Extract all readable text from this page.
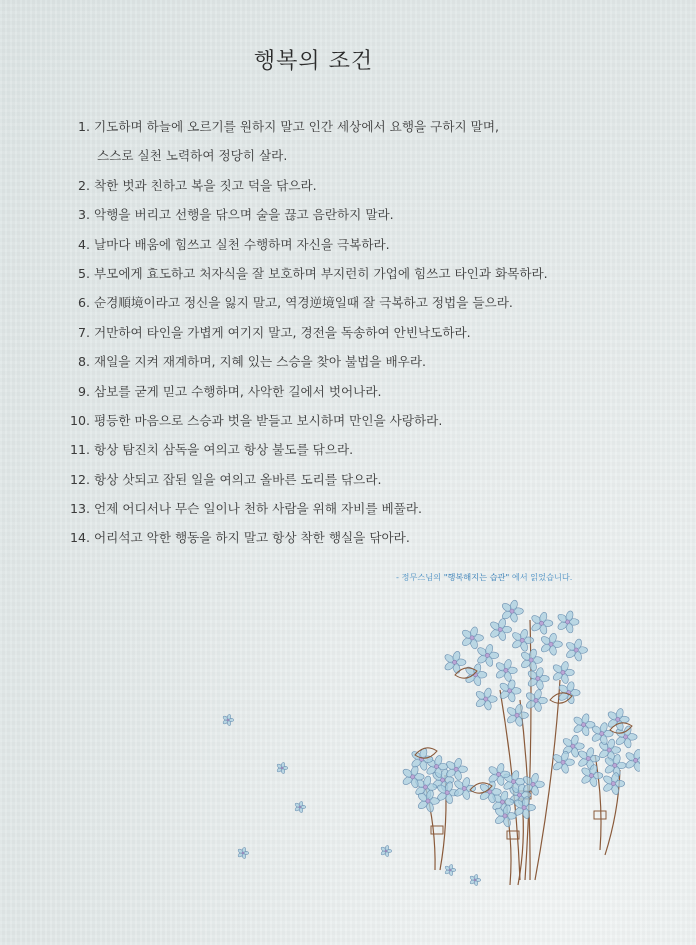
행복의 조건
1. 기도하며 하늘에 오르기를 원하지 말고 인간 세상에서 요행을 구하지 말며,
스스로 실천 노력하여 정당히 살라.
2. 착한 벗과 친하고 복을 짓고 덕을 닦으라.
3. 악행을 버리고 선행을 닦으며 술을 끊고 음란하지 말라.
4. 날마다 배움에 힘쓰고 실천 수행하며 자신을 극복하라.
5. 부모에게 효도하고 처자식을 잘 보호하며 부지런히 가업에 힘쓰고 타인과 화목하라.
6. 순경順境이라고 정신을 잃지 말고, 역경逆境일때 잘 극복하고 정법을 들으라.
7. 거만하여 타인을 가볍게 여기지 말고, 경전을 독송하여 안빈낙도하라.
8. 재일을 지켜 재계하며, 지혜 있는 스승을 찾아 불법을 배우라.
9. 삼보를 굳게 믿고 수행하며, 사악한 길에서 벗어나라.
10. 평등한 마음으로 스승과 벗을 받들고 보시하며 만인을 사랑하라.
11. 항상 탐진치 삼독을 여의고 항상 불도를 닦으라.
12. 항상 삿되고 잡된 일을 여의고 올바른 도리를 닦으라.
13. 언제 어디서나 무슨 일이나 천하 사람을 위해 자비를 베풀라.
14. 어리석고 악한 행동을 하지 말고 항상 착한 행실을 닦아라.
- 정무스님의 "행복해지는 습관" 에서 읽었습니다.
